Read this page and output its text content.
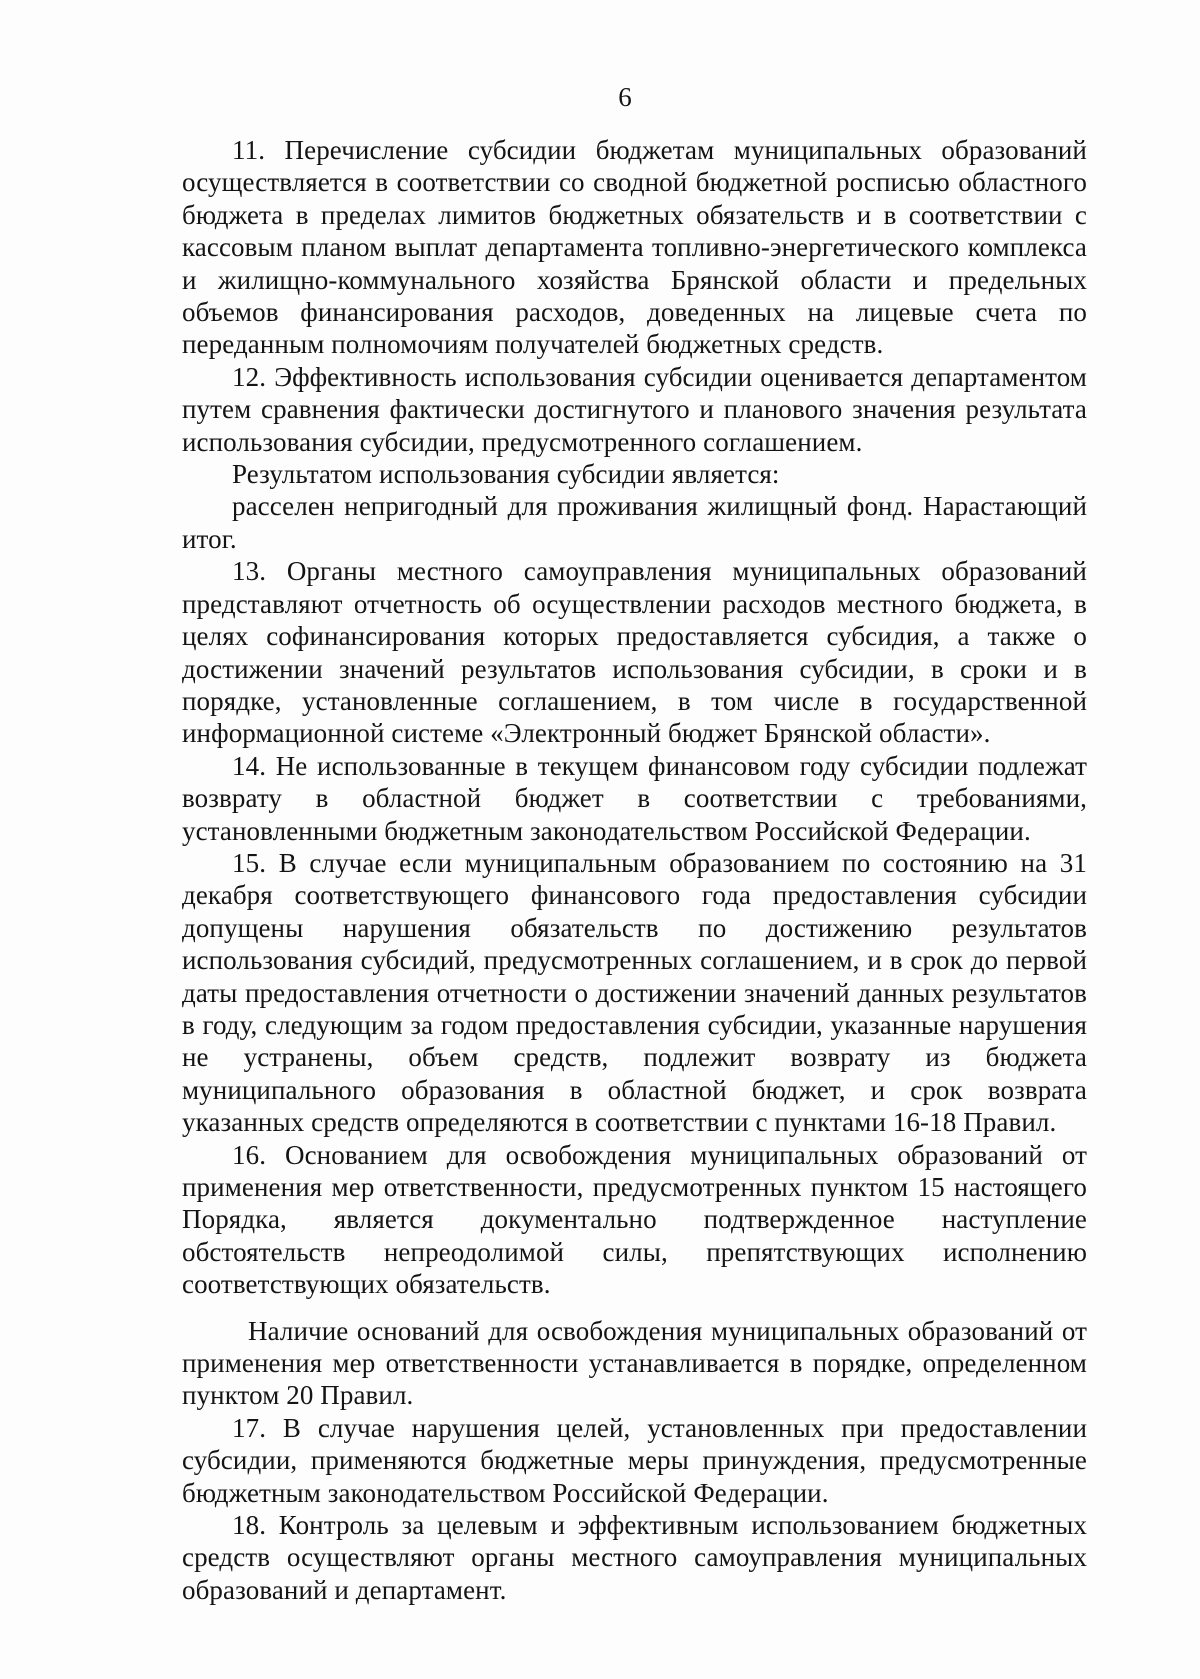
6

11. Перечисление субсидии бюджетам муниципальных образований осуществляется в соответствии со сводной бюджетной росписью областного бюджета в пределах лимитов бюджетных обязательств и в соответствии с кассовым планом выплат департамента топливно-энергетического комплекса и жилищно-коммунального хозяйства Брянской области и предельных объемов финансирования расходов, доведенных на лицевые счета по переданным полномочиям получателей бюджетных средств.

12. Эффективность использования субсидии оценивается департаментом путем сравнения фактически достигнутого и планового значения результата использования субсидии, предусмотренного соглашением.

Результатом использования субсидии является:

расселен непригодный для проживания жилищный фонд. Нарастающий итог.

13. Органы местного самоуправления муниципальных образований представляют отчетность об осуществлении расходов местного бюджета, в целях софинансирования которых предоставляется субсидия, а также о достижении значений результатов использования субсидии, в сроки и в порядке, установленные соглашением, в том числе в государственной информационной системе «Электронный бюджет Брянской области».

14. Не использованные в текущем финансовом году субсидии подлежат возврату в областной бюджет в соответствии с требованиями, установленными бюджетным законодательством Российской Федерации.

15. В случае если муниципальным образованием по состоянию на 31 декабря соответствующего финансового года предоставления субсидии допущены нарушения обязательств по достижению результатов использования субсидий, предусмотренных соглашением, и в срок до первой даты предоставления отчетности о достижении значений данных результатов в году, следующим за годом предоставления субсидии, указанные нарушения не устранены, объем средств, подлежит возврату из бюджета муниципального образования в областной бюджет, и срок возврата указанных средств определяются в соответствии с пунктами 16-18 Правил.

16. Основанием для освобождения муниципальных образований от применения мер ответственности, предусмотренных пунктом 15 настоящего Порядка, является документально подтвержденное наступление обстоятельств непреодолимой силы, препятствующих исполнению соответствующих обязательств.

Наличие оснований для освобождения муниципальных образований от применения мер ответственности устанавливается в порядке, определенном пунктом 20 Правил.

17. В случае нарушения целей, установленных при предоставлении субсидии, применяются бюджетные меры принуждения, предусмотренные бюджетным законодательством Российской Федерации.

18. Контроль за целевым и эффективным использованием бюджетных средств осуществляют органы местного самоуправления муниципальных образований и департамент.
